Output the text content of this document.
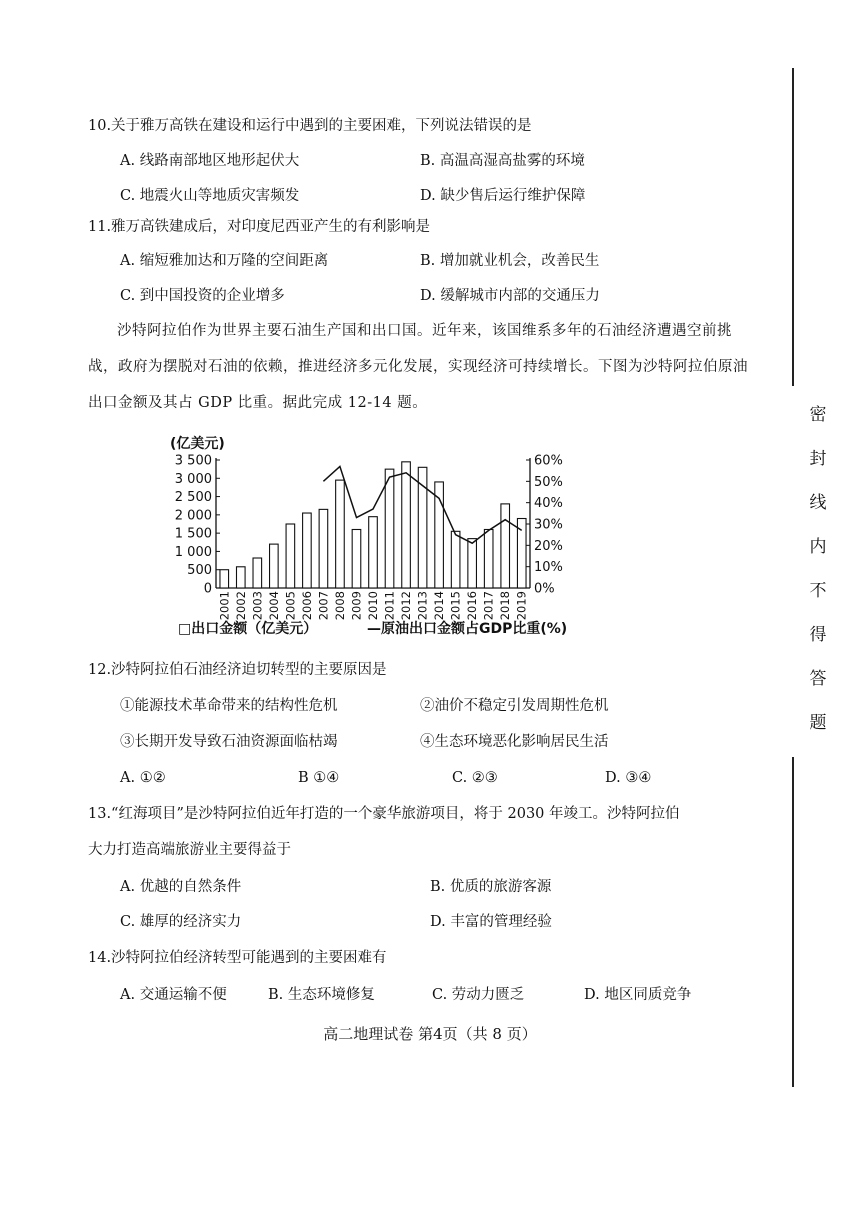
10.关于雅万高铁在建设和运行中遇到的主要困难，下列说法错误的是
A. 线路南部地区地形起伏大	B. 高温高湿高盐雾的环境
C. 地震火山等地质灾害频发	D. 缺少售后运行维护保障
11.雅万高铁建成后，对印度尼西亚产生的有利影响是
A. 缩短雅加达和万隆的空间距离	B. 增加就业机会，改善民生
C. 到中国投资的企业增多	D. 缓解城市内部的交通压力
沙特阿拉伯作为世界主要石油生产国和出口国。近年来，该国维系多年的石油经济遭遇空前挑战，政府为摆脱对石油的依赖，推进经济多元化发展，实现经济可持续增长。下图为沙特阿拉伯原油出口金额及其占 GDP 比重。据此完成 12-14 题。
(亿美元)
0
500
1 000
1 500
2 000
2 500
3 000
3 500
0%
10%
20%
30%
40%
50%
60%
2001 2002 2003 2004 2005 2006 2007 2008 2009 2010 2011 2012 2013 2014 2015 2016 2017 2018 2019
□出口金额（亿美元）	—原油出口金额占GDP比重(%)
12.沙特阿拉伯石油经济迫切转型的主要原因是
①能源技术革命带来的结构性危机	②油价不稳定引发周期性危机
③长期开发导致石油资源面临枯竭	④生态环境恶化影响居民生活
A. ①②	B ①④	C. ②③	D. ③④
13.“红海项目”是沙特阿拉伯近年打造的一个豪华旅游项目，将于 2030 年竣工。沙特阿拉伯
大力打造高端旅游业主要得益于
A. 优越的自然条件	B. 优质的旅游客源
C. 雄厚的经济实力	D. 丰富的管理经验
14.沙特阿拉伯经济转型可能遇到的主要困难有
A. 交通运输不便	B. 生态环境修复	C. 劳动力匮乏	D. 地区同质竞争
高二地理试卷 第4页（共 8 页）
密
封
线
内
不
得
答
题
